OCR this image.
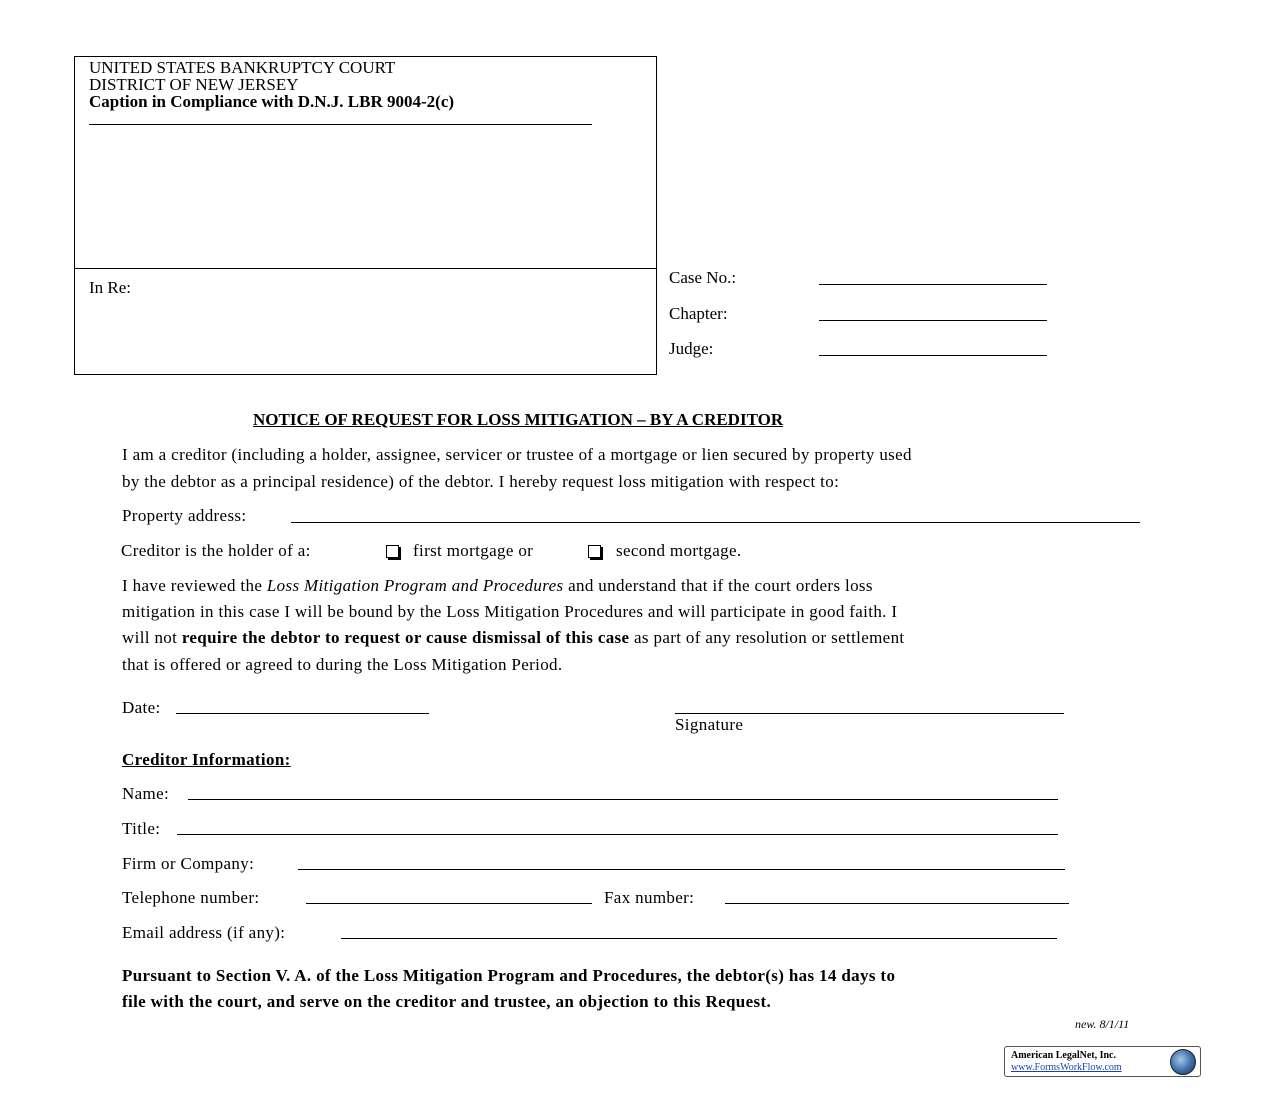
UNITED STATES BANKRUPTCY COURT
DISTRICT OF NEW JERSEY
Caption in Compliance with D.N.J. LBR 9004-2(c)
In Re:
Case No.:
Chapter:
Judge:
NOTICE OF REQUEST FOR LOSS MITIGATION – BY A CREDITOR
I am a creditor (including a holder, assignee, servicer or trustee of a mortgage or lien secured by property used
by the debtor as a principal residence) of the debtor. I hereby request loss mitigation with respect to:
Property address:
Creditor is the holder of a:	first mortgage or	second mortgage.
I have reviewed the Loss Mitigation Program and Procedures and understand that if the court orders loss
mitigation in this case I will be bound by the Loss Mitigation Procedures and will participate in good faith. I
will not require the debtor to request or cause dismissal of this case as part of any resolution or settlement
that is offered or agreed to during the Loss Mitigation Period.
Date:
Signature
Creditor Information:
Name:
Title:
Firm or Company:
Telephone number:	Fax number:
Email address (if any):
Pursuant to Section V. A. of the Loss Mitigation Program and Procedures, the debtor(s) has 14 days to
file with the court, and serve on the creditor and trustee, an objection to this Request.
new. 8/1/11
American LegalNet, Inc.
www.FormsWorkFlow.com
